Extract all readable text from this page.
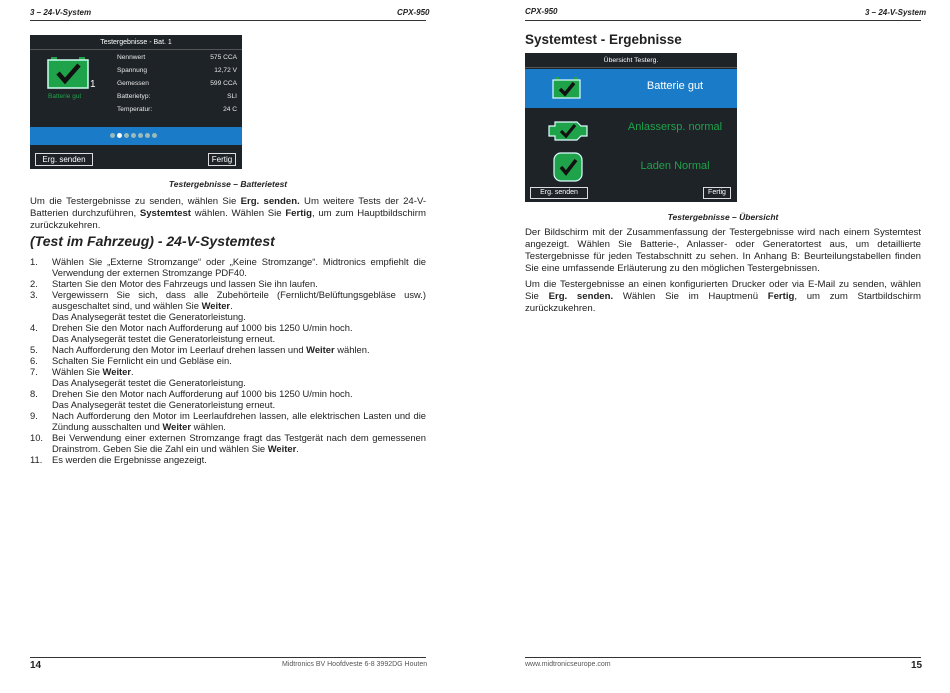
3 – 24-V-System	CPX-950
Testergebnisse - Bat. 1
1
Batterie gut
Nennwert	575 CCA
Spannung	12,72 V
Gemessen	599 CCA
Batterietyp:	SLI
Temperatur:	24 C
Erg. senden	Fertig
Testergebnisse – Batterietest
Um die Testergebnisse zu senden, wählen Sie Erg. senden. Um weitere Tests der 24-V-Batterien durchzuführen, Systemtest wählen. Wählen Sie Fertig, um zum Hauptbildschirm zurückzukehren.
(Test im Fahrzeug) - 24-V-Systemtest
1. Wählen Sie „Externe Stromzange“ oder „Keine Stromzange“. Midtronics empfiehlt die Verwendung der externen Stromzange PDF40.
2. Starten Sie den Motor des Fahrzeugs und lassen Sie ihn laufen.
3. Vergewissern Sie sich, dass alle Zubehörteile (Fernlicht/Belüftungsgebläse usw.) ausgeschaltet sind, und wählen Sie Weiter.
Das Analysegerät testet die Generatorleistung.
4. Drehen Sie den Motor nach Aufforderung auf 1000 bis 1250 U/min hoch.
Das Analysegerät testet die Generatorleistung erneut.
5. Nach Aufforderung den Motor im Leerlauf drehen lassen und Weiter wählen.
6. Schalten Sie Fernlicht ein und Gebläse ein.
7. Wählen Sie Weiter.
Das Analysegerät testet die Generatorleistung.
8. Drehen Sie den Motor nach Aufforderung auf 1000 bis 1250 U/min hoch.
Das Analysegerät testet die Generatorleistung erneut.
9. Nach Aufforderung den Motor im Leerlaufdrehen lassen, alle elektrischen Lasten und die Zündung ausschalten und Weiter wählen.
10. Bei Verwendung einer externen Stromzange fragt das Testgerät nach dem gemessenen Drainstrom. Geben Sie die Zahl ein und wählen Sie Weiter.
11. Es werden die Ergebnisse angezeigt.
14	Midtronics BV Hoofdveste 6-8 3992DG Houten
CPX-950	3 – 24-V-System
Systemtest - Ergebnisse
Übersicht Testerg.
Batterie gut
Anlassersp. normal
Laden Normal
Erg. senden	Fertig
Testergebnisse – Übersicht
Der Bildschirm mit der Zusammenfassung der Testergebnisse wird nach einem Systemtest angezeigt. Wählen Sie Batterie-, Anlasser- oder Generatortest aus, um detaillierte Testergebnisse für jeden Testabschnitt zu sehen. In Anhang B: Beurteilungstabellen finden Sie eine umfassende Erläuterung zu den möglichen Testergebnissen.
Um die Testergebnisse an einen konfigurierten Drucker oder via E-Mail zu senden, wählen Sie Erg. senden. Wählen Sie im Hauptmenü Fertig, um zum Startbildschirm zurückzukehren.
www.midtronicseurope.com	15
